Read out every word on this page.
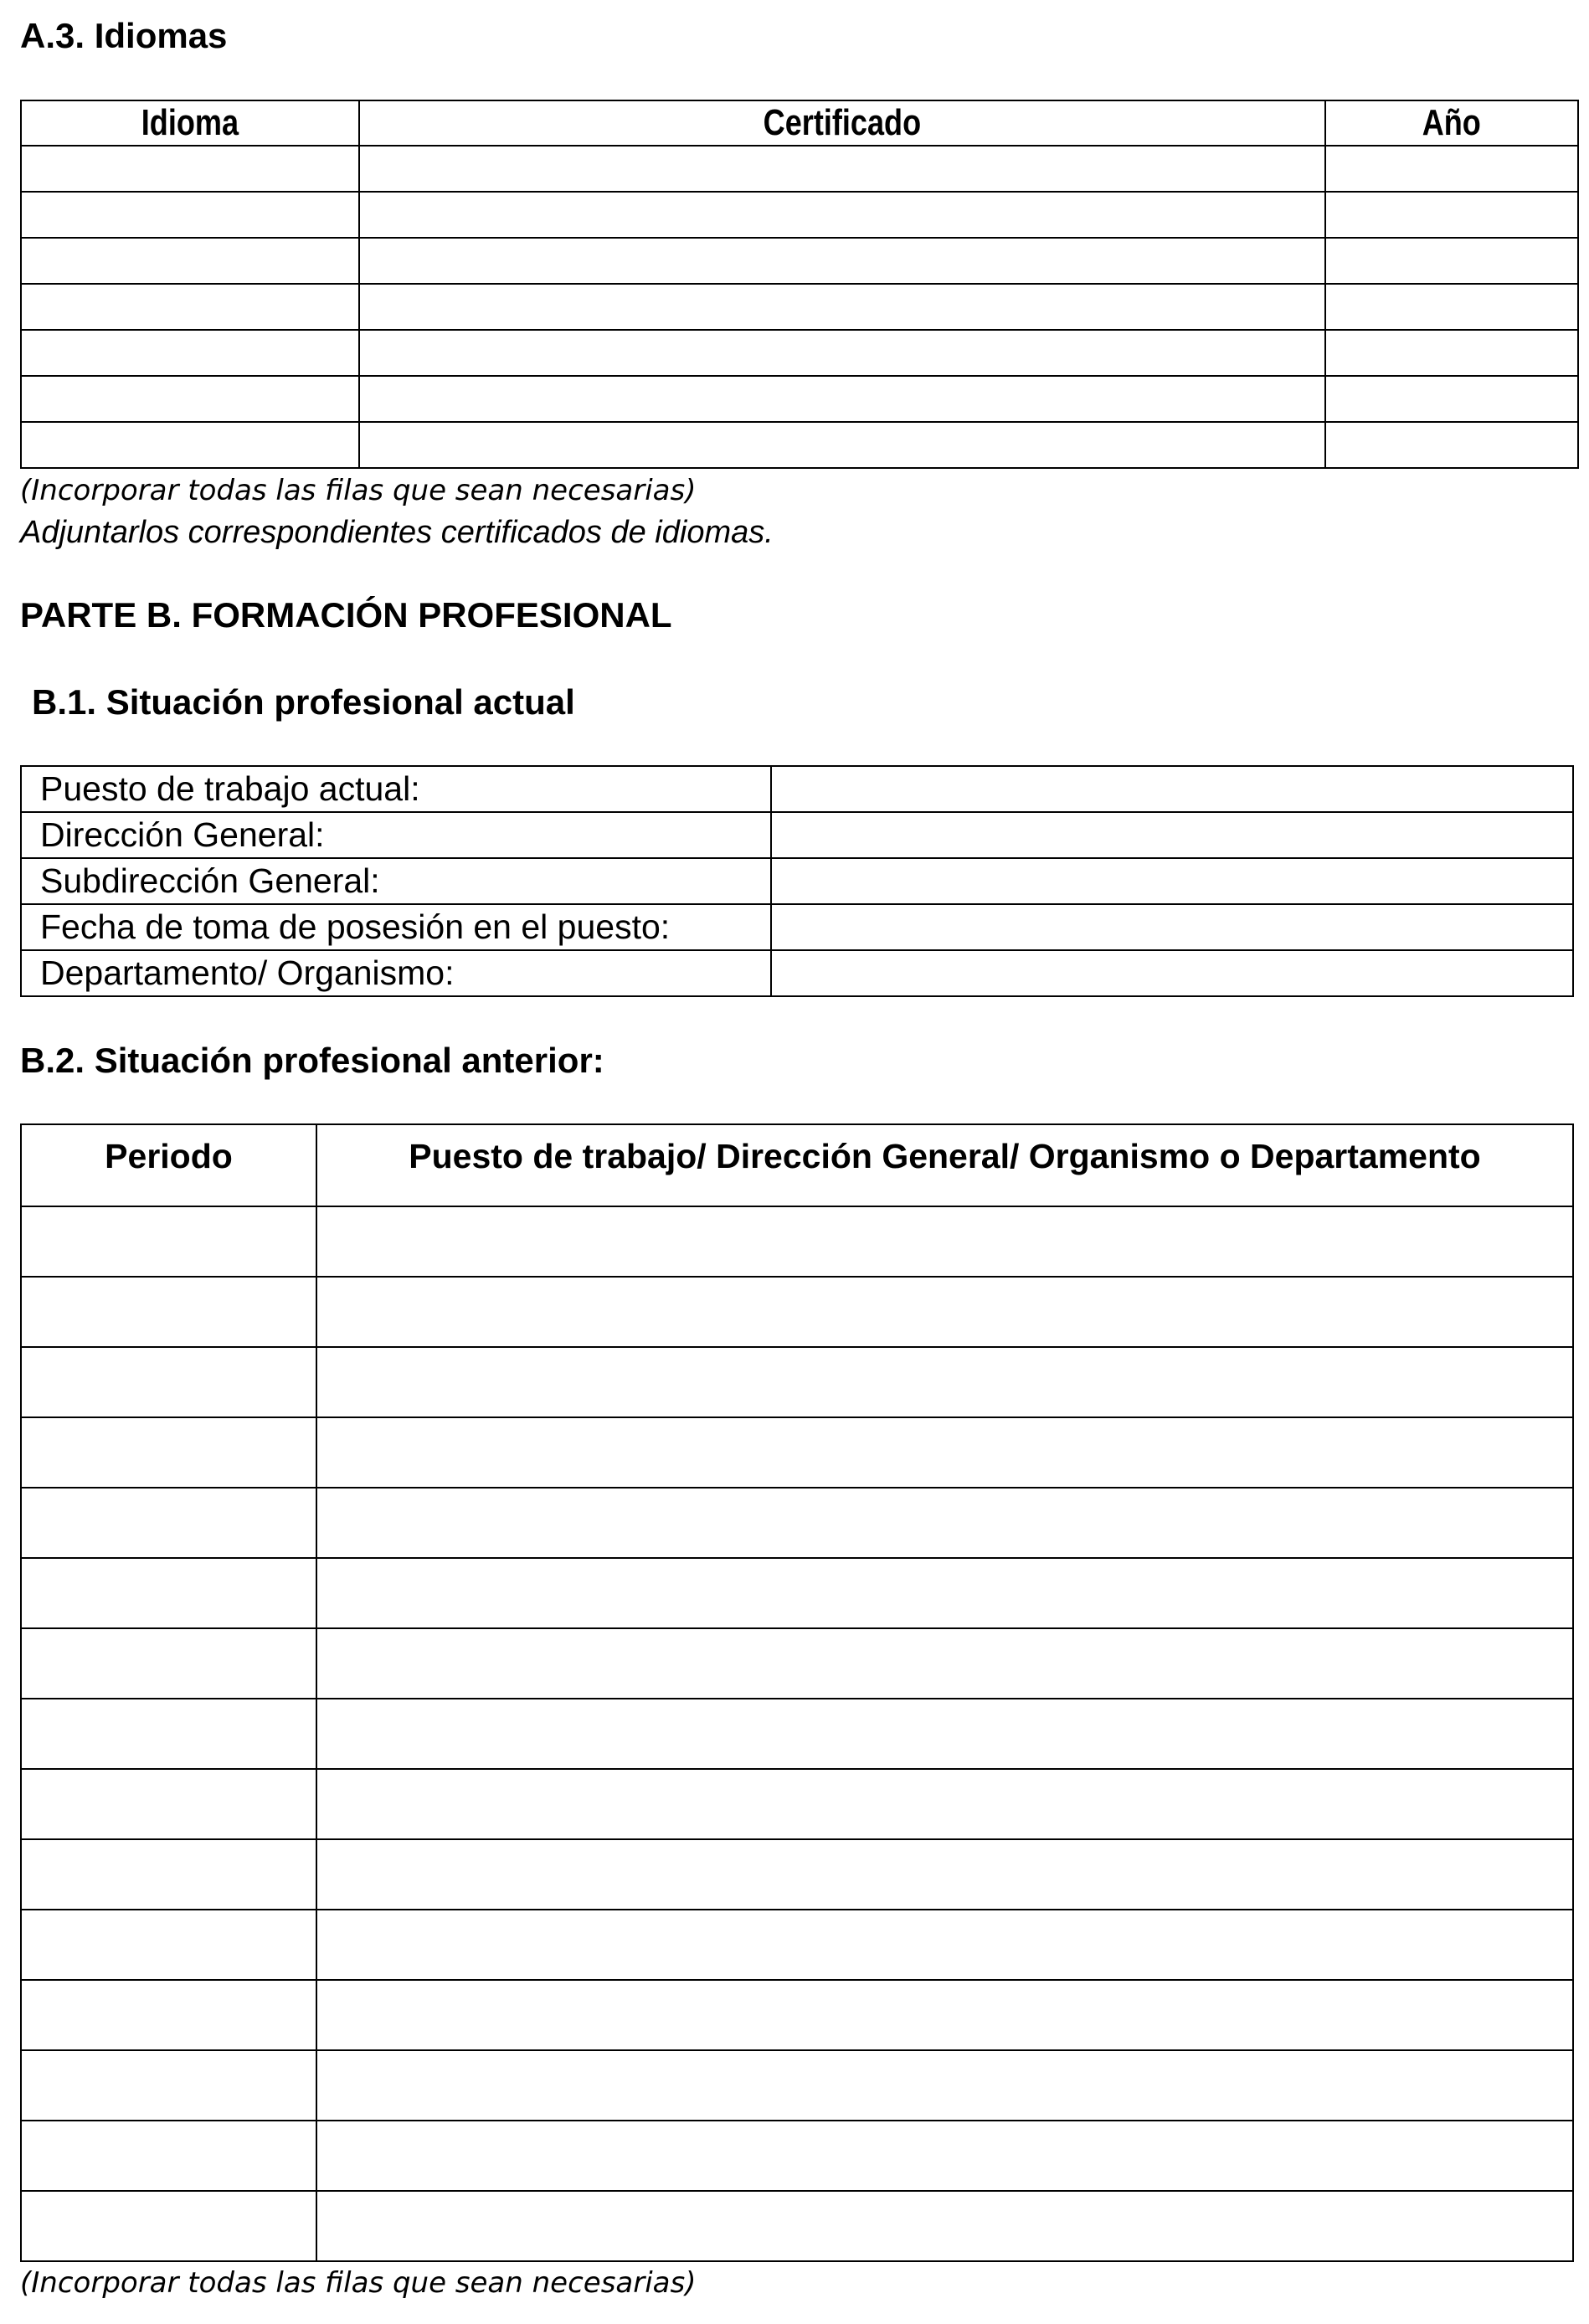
A.3. Idiomas
Idioma	Certificado	Año

(Incorporar todas las filas que sean necesarias)
Adjuntarlos correspondientes certificados de idiomas.
PARTE B. FORMACIÓN PROFESIONAL
B.1. Situación profesional actual
Puesto de trabajo actual:	
Dirección General:	
Subdirección General:	
Fecha de toma de posesión en el puesto:	
Departamento/ Organismo:	
B.2. Situación profesional anterior:
Periodo	Puesto de trabajo/ Dirección General/ Organismo o Departamento

(Incorporar todas las filas que sean necesarias)
